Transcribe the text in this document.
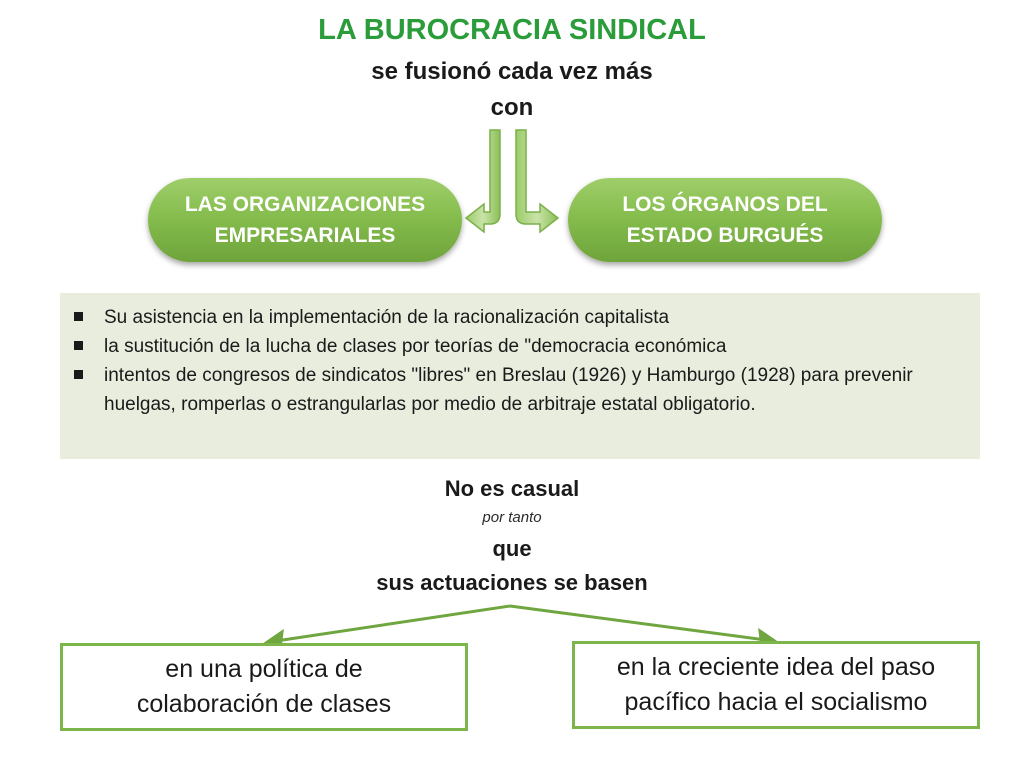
LA BUROCRACIA SINDICAL
se fusionó cada vez más
con
LAS ORGANIZACIONES
EMPRESARIALES
LOS ÓRGANOS DEL
ESTADO BURGUÉS
Su asistencia en la implementación de la racionalización capitalista
la sustitución de la lucha de clases por teorías de "democracia económica
intentos de congresos de sindicatos "libres" en Breslau (1926) y Hamburgo (1928) para prevenir huelgas, romperlas o estrangularlas por medio de arbitraje estatal obligatorio.
No es casual
por tanto
que
sus actuaciones se basen
en una política de
colaboración de clases
en la creciente idea del paso
pacífico hacia el socialismo
